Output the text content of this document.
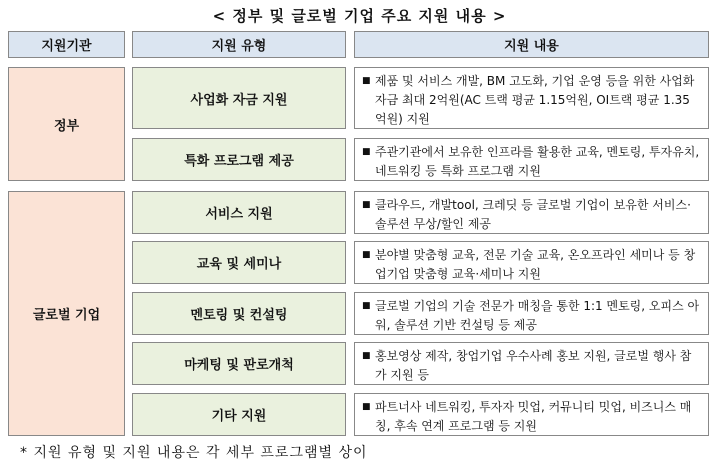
< 정부 및 글로벌 기업 주요 지원 내용 >
지원기관	지원 유형	지원 내용
정부
글로벌 기업
사업화 자금 지원
■ 제품 및 서비스 개발, BM 고도화, 기업 운영 등을 위한 사업화 자금 최대 2억원(AC 트랙 평균 1.15억원, OI트랙 평균 1.35억원) 지원
특화 프로그램 제공
■ 주관기관에서 보유한 인프라를 활용한 교육, 멘토링, 투자유치, 네트워킹 등 특화 프로그램 지원
서비스 지원
■ 클라우드, 개발tool, 크레딧 등 글로벌 기업이 보유한 서비스·솔루션 무상/할인 제공
교육 및 세미나
■ 분야별 맞춤형 교육, 전문 기술 교육, 온오프라인 세미나 등 창업기업 맞춤형 교육·세미나 지원
멘토링 및 컨설팅
■ 글로벌 기업의 기술 전문가 매칭을 통한 1:1 멘토링, 오피스 아워, 솔루션 기반 컨설팅 등 제공
마케팅 및 판로개척
■ 홍보영상 제작, 창업기업 우수사례 홍보 지원, 글로벌 행사 참가 지원 등
기타 지원
■ 파트너사 네트워킹, 투자자 밋업, 커뮤니티 밋업, 비즈니스 매칭, 후속 연계 프로그램 등 지원
* 지원 유형 및 지원 내용은 각 세부 프로그램별 상이
